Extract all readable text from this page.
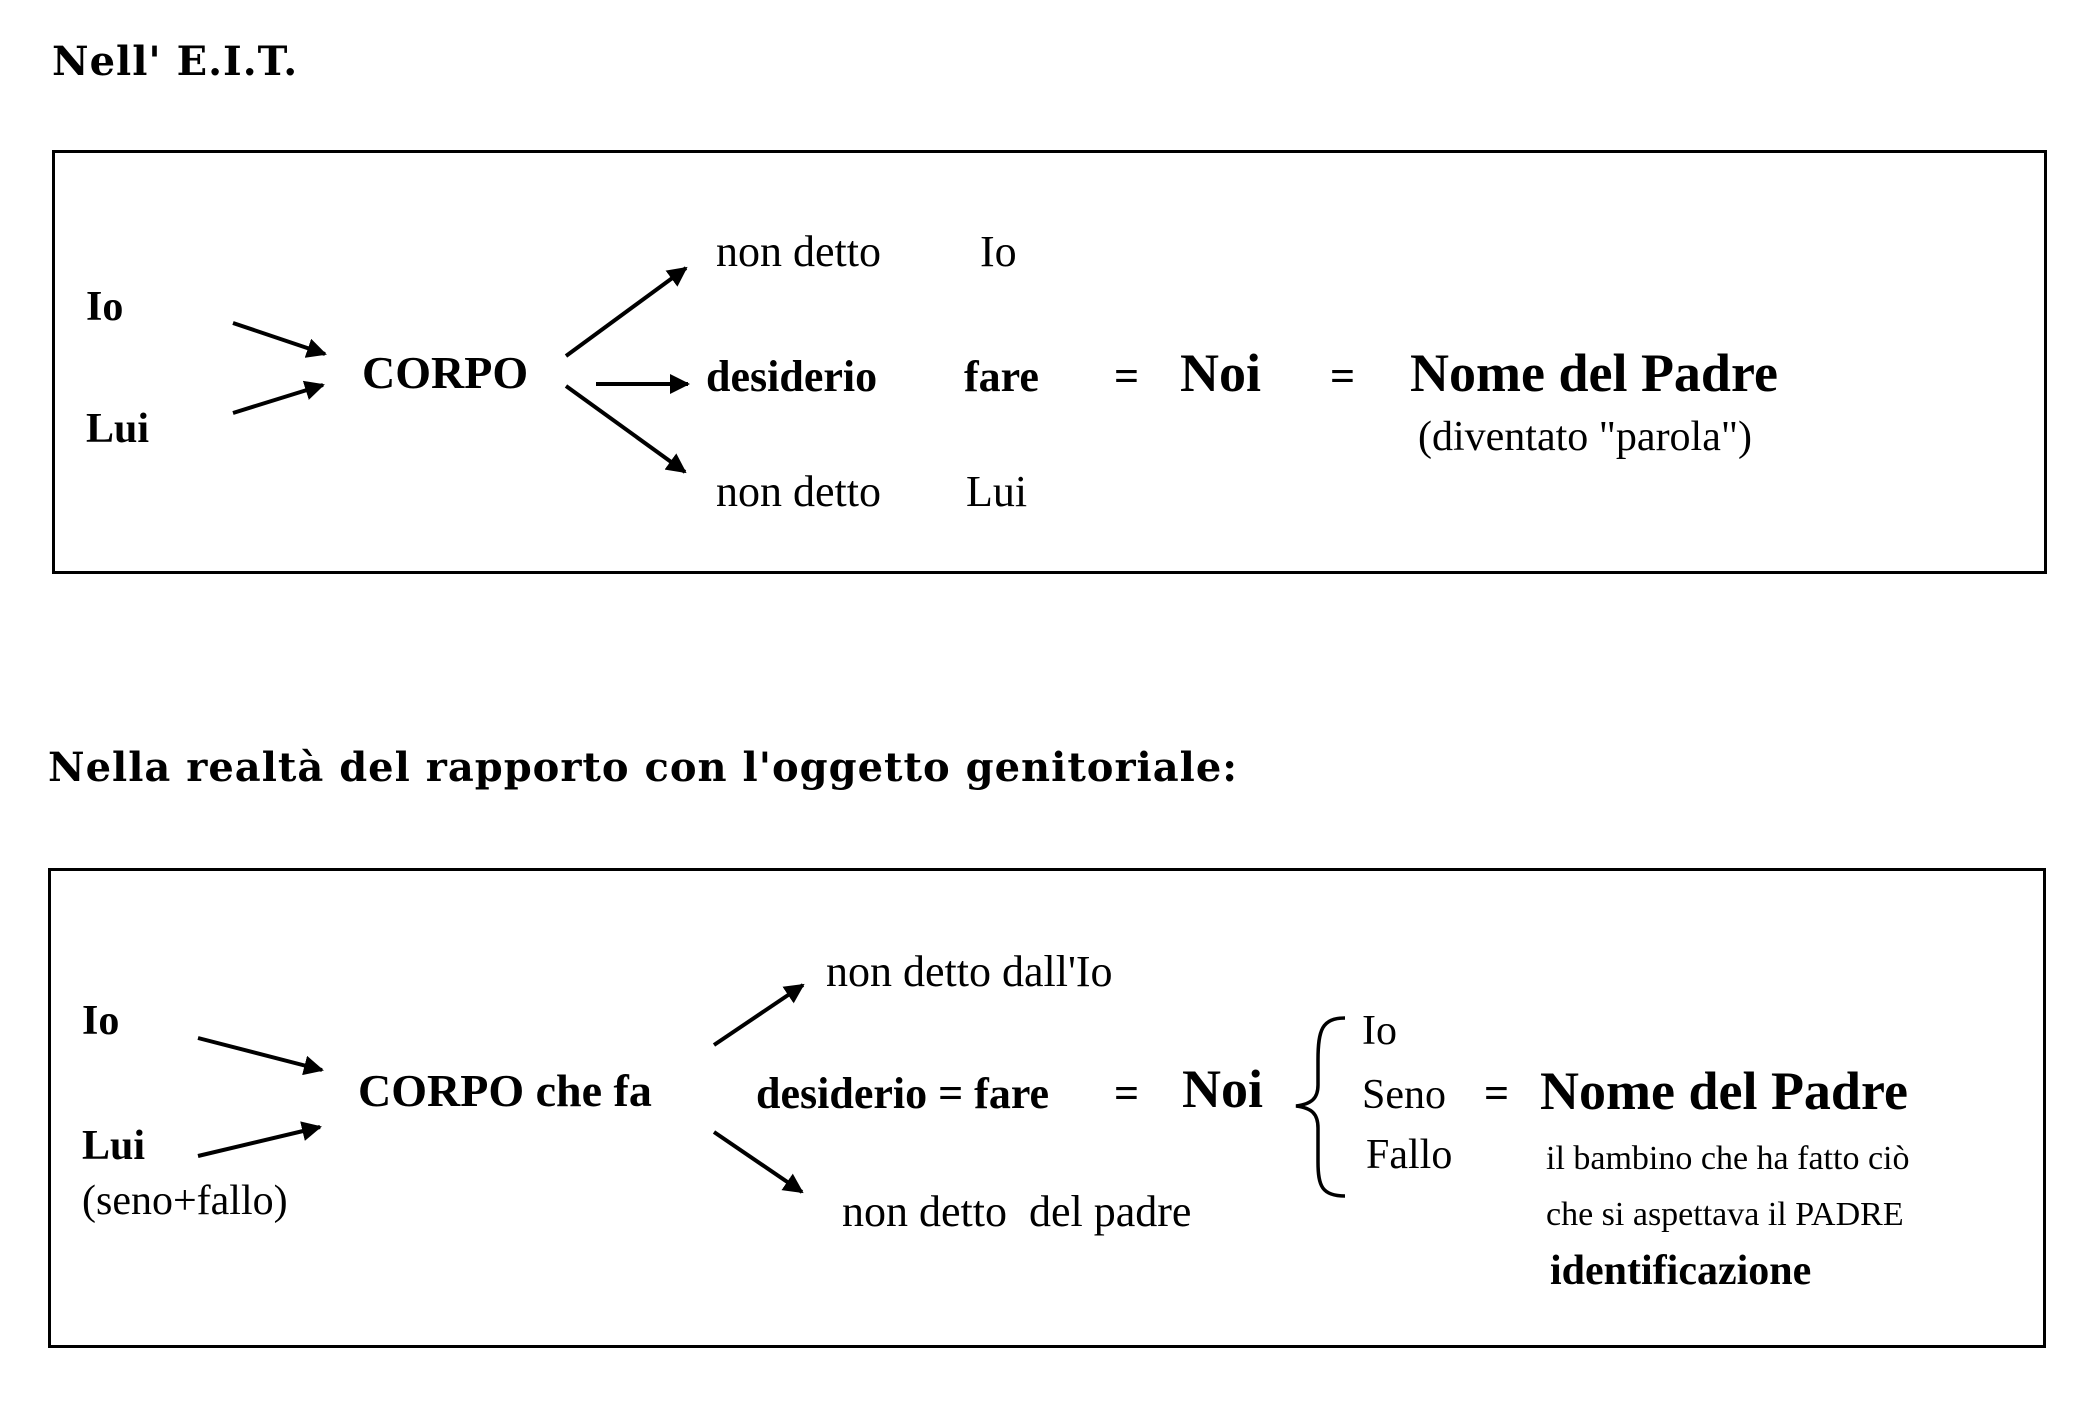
Nell' E.I.T.
Io
Lui
CORPO
non detto Io
desiderio fare = Noi = Nome del Padre
(diventato "parola")
non detto Lui
Nella realtà del rapporto con l'oggetto genitoriale:
Io
Lui
(seno+fallo)
CORPO che fa
non detto dall'Io
desiderio = fare = Noi
Io
Seno
Fallo
= Nome del Padre
il bambino che ha fatto ciò
che si aspettava il PADRE
identificazione
non detto  del padre
